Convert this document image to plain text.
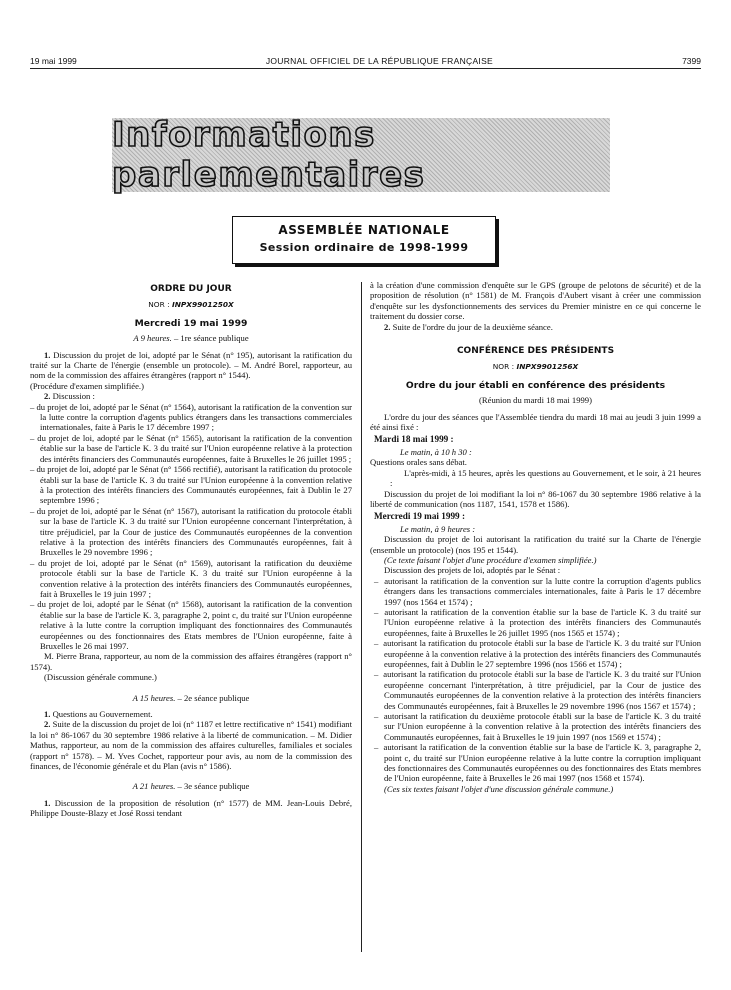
19 mai 1999	JOURNAL OFFICIEL DE LA RÉPUBLIQUE FRANÇAISE	7399
Informations parlementaires
ASSEMBLÉE NATIONALE
Session ordinaire de 1998-1999
ORDRE DU JOUR
NOR : INPX9901250X
Mercredi 19 mai 1999

A 9 heures. – 1re séance publique

1. Discussion du projet de loi, adopté par le Sénat (n° 195), autorisant la ratification du traité sur la Charte de l'énergie (ensemble un protocole). – M. André Borel, rapporteur, au nom de la commission des affaires étrangères (rapport n° 1544).

(Procédure d'examen simplifiée.)

2. Discussion :

– du projet de loi, adopté par le Sénat (n° 1564), autorisant la ratification de la convention sur la lutte contre la corruption d'agents publics étrangers dans les transactions commerciales internationales, faite à Paris le 17 décembre 1997 ;

– du projet de loi, adopté par le Sénat (n° 1565), autorisant la ratification de la convention établie sur la base de l'article K. 3 du traité sur l'Union européenne relative à la protection des intérêts financiers des Communautés européennes, faite à Bruxelles le 26 juillet 1995 ;

– du projet de loi, adopté par le Sénat (n° 1566 rectifié), autorisant la ratification du protocole établi sur la base de l'article K. 3 du traité sur l'Union européenne à la convention relative à la protection des intérêts financiers des Communautés européennes, fait à Dublin le 27 septembre 1996 ;

– du projet de loi, adopté par le Sénat (n° 1567), autorisant la ratification du protocole établi sur la base de l'article K. 3 du traité sur l'Union européenne concernant l'interprétation, à titre préjudiciel, par la Cour de justice des Communautés européennes de la convention relative à la protection des intérêts financiers des Communautés européennes, fait à Bruxelles le 29 novembre 1996 ;

– du projet de loi, adopté par le Sénat (n° 1569), autorisant la ratification du deuxième protocole établi sur la base de l'article K. 3 du traité sur l'Union européenne à la convention relative à la protection des intérêts financiers des Communautés européennes, fait à Bruxelles le 19 juin 1997 ;

– du projet de loi, adopté par le Sénat (n° 1568), autorisant la ratification de la convention établie sur la base de l'article K. 3, paragraphe 2, point c, du traité sur l'Union européenne relative à la lutte contre la corruption impliquant des fonctionnaires des Communautés européennes ou des fonctionnaires des Etats membres de l'Union européenne, faite à Bruxelles le 26 mai 1997.

M. Pierre Brana, rapporteur, au nom de la commission des affaires étrangères (rapport n° 1574).

(Discussion générale commune.)

A 15 heures. – 2e séance publique

1. Questions au Gouvernement.

2. Suite de la discussion du projet de loi (n° 1187 et lettre rectificative n° 1541) modifiant la loi n° 86-1067 du 30 septembre 1986 relative à la liberté de communication. – M. Didier Mathus, rapporteur, au nom de la commission des affaires culturelles, familiales et sociales (rapport n° 1578). – M. Yves Cochet, rapporteur pour avis, au nom de la commission des finances, de l'économie générale et du Plan (avis n° 1586).

A 21 heures. – 3e séance publique

1. Discussion de la proposition de résolution (n° 1577) de MM. Jean-Louis Debré, Philippe Douste-Blazy et José Rossi tendant

à la création d'une commission d'enquête sur le GPS (groupe de pelotons de sécurité) et de la proposition de résolution (n° 1581) de M. François d'Aubert visant à créer une commission d'enquête sur les dysfonctionnements des services du Premier ministre en ce qui concerne le traitement du dossier corse.

2. Suite de l'ordre du jour de la deuxième séance.

CONFÉRENCE DES PRÉSIDENTS
NOR : INPX9901256X
Ordre du jour établi en conférence des présidents

(Réunion du mardi 18 mai 1999)

L'ordre du jour des séances que l'Assemblée tiendra du mardi 18 mai au jeudi 3 juin 1999 a été ainsi fixé :

Mardi 18 mai 1999 :

Le matin, à 10 h 30 :

Questions orales sans débat.

L'après-midi, à 15 heures, après les questions au Gouvernement, et le soir, à 21 heures :

Discussion du projet de loi modifiant la loi n° 86-1067 du 30 septembre 1986 relative à la liberté de communication (nos 1187, 1541, 1578 et 1586).

Mercredi 19 mai 1999 :

Le matin, à 9 heures :

Discussion du projet de loi autorisant la ratification du traité sur la Charte de l'énergie (ensemble un protocole) (nos 195 et 1544).

(Ce texte faisant l'objet d'une procédure d'examen simplifiée.)

Discussion des projets de loi, adoptés par le Sénat :

–  autorisant la ratification de la convention sur la lutte contre la corruption d'agents publics étrangers dans les transactions commerciales internationales, faite à Paris le 17 décembre 1997 (nos 1564 et 1574) ;

–  autorisant la ratification de la convention établie sur la base de l'article K. 3 du traité sur l'Union européenne relative à la protection des intérêts financiers des Communautés européennes, faite à Bruxelles le 26 juillet 1995 (nos 1565 et 1574) ;

–  autorisant la ratification du protocole établi sur la base de l'article K. 3 du traité sur l'Union européenne à la convention relative à la protection des intérêts financiers des Communautés européennes, fait à Dublin le 27 septembre 1996 (nos 1566 et 1574) ;

–  autorisant la ratification du protocole établi sur la base de l'article K. 3 du traité sur l'Union européenne concernant l'interprétation, à titre préjudiciel, par la Cour de justice des Communautés européennes de la convention relative à la protection des intérêts financiers des Communautés européennes, fait à Bruxelles le 29 novembre 1996 (nos 1567 et 1574) ;

–  autorisant la ratification du deuxième protocole établi sur la base de l'article K. 3 du traité sur l'Union européenne à la convention relative à la protection des intérêts financiers des Communautés européennes, fait à Bruxelles le 19 juin 1997 (nos 1569 et 1574) ;

–  autorisant la ratification de la convention établie sur la base de l'article K. 3, paragraphe 2, point c, du traité sur l'Union européenne relative à la lutte contre la corruption impliquant des fonctionnaires des Communautés européennes ou des fonctionnaires des Etats membres de l'Union européenne, faite à Bruxelles le 26 mai 1997 (nos 1568 et 1574).

(Ces six textes faisant l'objet d'une discussion générale commune.)
